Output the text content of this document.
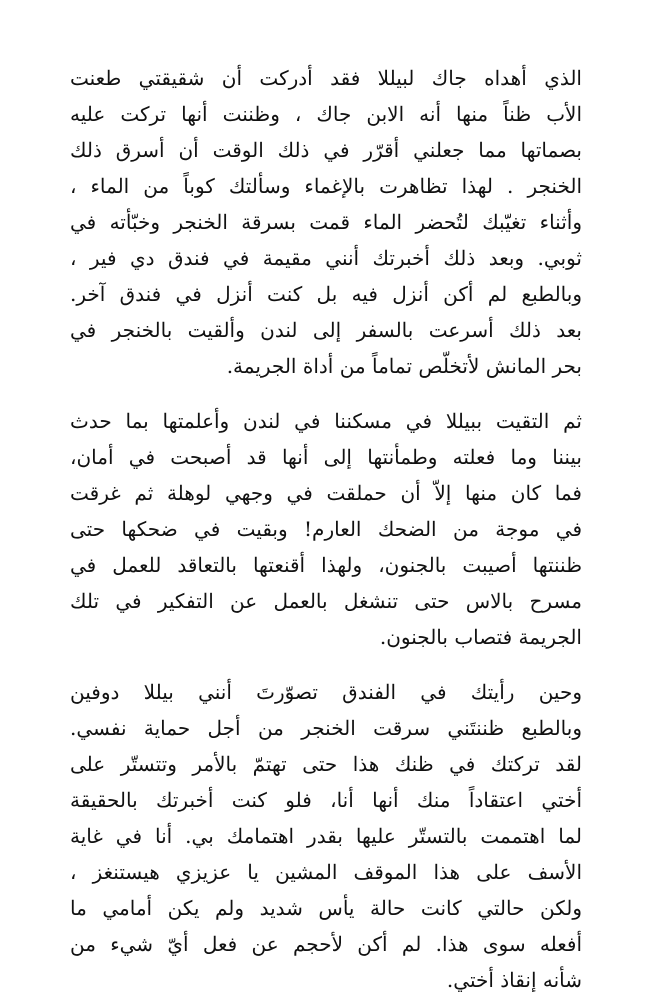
الذي أهداه جاك لبيللا فقد أدركت أن شقيقتي طعنت
الأب ظناً منها أنه الابن جاك ، وظننت أنها تركت عليه
بصماتها مما جعلني أقرّر في ذلك الوقت أن أسرق ذلك
الخنجر . لهذا تظاهرت بالإغماء وسألتك كوباً من الماء ،
وأثناء تغيّبك لتُحضر الماء قمت بسرقة الخنجر وخبّأته في
ثوبي. وبعد ذلك أخبرتك أنني مقيمة في فندق دي فير ،
وبالطبع لم أكن أنزل فيه بل كنت أنزل في فندق آخر.
بعد ذلك أسرعت بالسفر إلى لندن وألقيت بالخنجر في
بحر المانش لأتخلّص تماماً من أداة الجريمة.

ثم التقيت ببيللا في مسكننا في لندن وأعلمتها بما حدث
بيننا وما فعلته وطمأنتها إلى أنها قد أصبحت في أمان،
فما كان منها إلاّ أن حملقت في وجهي لوهلة ثم غرقت
في موجة من الضحك العارم! وبقيت في ضحكها حتى
ظننتها أصيبت بالجنون، ولهذا أقنعتها بالتعاقد للعمل في
مسرح بالاس حتى تنشغل بالعمل عن التفكير في تلك
الجريمة فتصاب بالجنون.

وحين رأيتك في الفندق تصوّرتَ أنني بيللا دوفين
وبالطبع ظننتَني سرقت الخنجر من أجل حماية نفسي.
لقد تركتك في ظنك هذا حتى تهتمّ بالأمر وتتستّر على
أختي اعتقاداً منك أنها أنا، فلو كنت أخبرتك بالحقيقة
لما اهتممت بالتستّر عليها بقدر اهتمامك بي. أنا في غاية
الأسف على هذا الموقف المشين يا عزيزي هيستنغز ،
ولكن حالتي كانت حالة يأس شديد ولم يكن أمامي ما
أفعله سوى هذا. لم أكن لأحجم عن فعل أيّ شيء من
شأنه إنقاذ أختي.
